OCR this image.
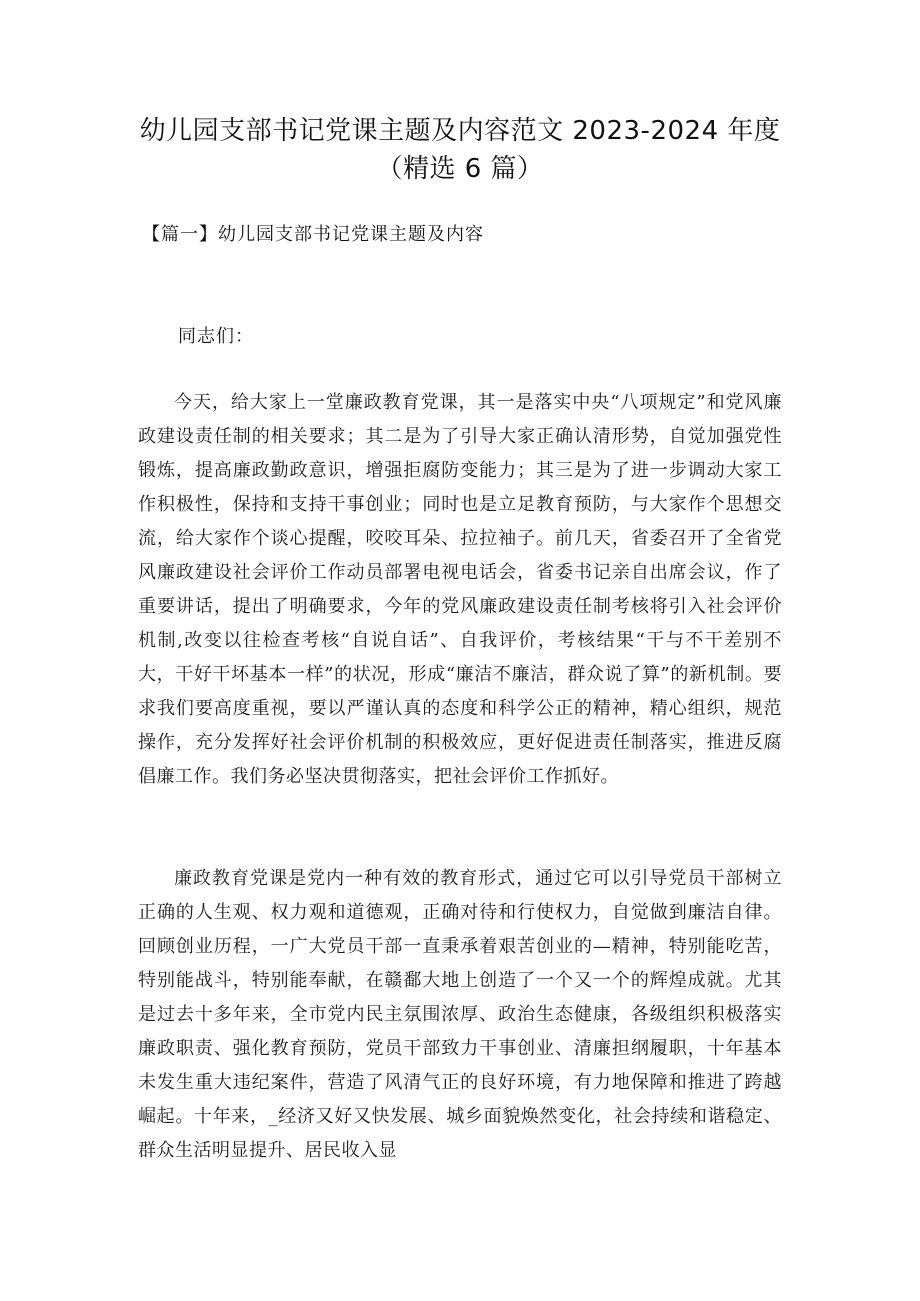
幼儿园支部书记党课主题及内容范文 2023-2024 年度
（精选 6 篇）
【篇一】幼儿园支部书记党课主题及内容
同志们：

今天，给大家上一堂廉政教育党课，其一是落实中央“八项规定”和党风廉政建设责任制的相关要求；其二是为了引导大家正确认清形势，自觉加强党性锻炼，提高廉政勤政意识，增强拒腐防变能力；其三是为了进一步调动大家工作积极性，保持和支持干事创业；同时也是立足教育预防，与大家作个思想交流，给大家作个谈心提醒，咬咬耳朵、拉拉袖子。前几天，省委召开了全省党风廉政建设社会评价工作动员部署电视电话会，省委书记亲自出席会议，作了重要讲话，提出了明确要求，今年的党风廉政建设责任制考核将引入社会评价机制,改变以往检查考核“自说自话”、自我评价，考核结果“干与不干差别不大，干好干坏基本一样”的状况，形成“廉洁不廉洁，群众说了算”的新机制。要求我们要高度重视，要以严谨认真的态度和科学公正的精神，精心组织，规范操作，充分发挥好社会评价机制的积极效应，更好促进责任制落实，推进反腐倡廉工作。我们务必坚决贯彻落实，把社会评价工作抓好。

廉政教育党课是党内一种有效的教育形式，通过它可以引导党员干部树立正确的人生观、权力观和道德观，正确对待和行使权力，自觉做到廉洁自律。回顾创业历程，一广大党员干部一直秉承着艰苦创业的—精神，特别能吃苦，特别能战斗，特别能奉献，在赣鄱大地上创造了一个又一个的辉煌成就。尤其是过去十多年来，全市党内民主氛围浓厚、政治生态健康，各级组织积极落实廉政职责、强化教育预防，党员干部致力干事创业、清廉担纲履职，十年基本未发生重大违纪案件，营造了风清气正的良好环境，有力地保障和推进了跨越崛起。十年来，_经济又好又快发展、城乡面貌焕然变化，社会持续和谐稳定、群众生活明显提升、居民收入显
